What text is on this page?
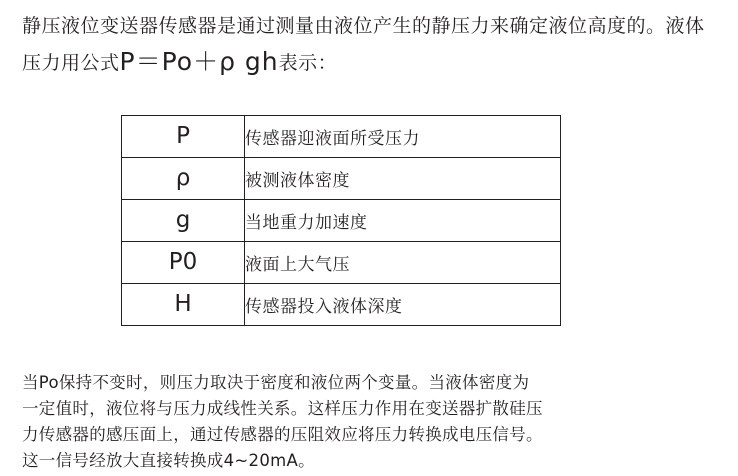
静压液位变送器传感器是通过测量由液位产生的静压力来确定液位高度的。液体压力用公式P＝Po＋ρ gh表示：
P	传感器迎液面所受压力

ρ	被测液体密度

g	当地重力加速度

P0	液面上大气压

H	传感器投入液体深度

当Po保持不变时，则压力取决于密度和液位两个变量。当液体密度为

一定值时，液位将与压力成线性关系。这样压力作用在变送器扩散硅压

力传感器的感压面上，通过传感器的压阻效应将压力转换成电压信号。

这一信号经放大直接转换成4~20mA。
